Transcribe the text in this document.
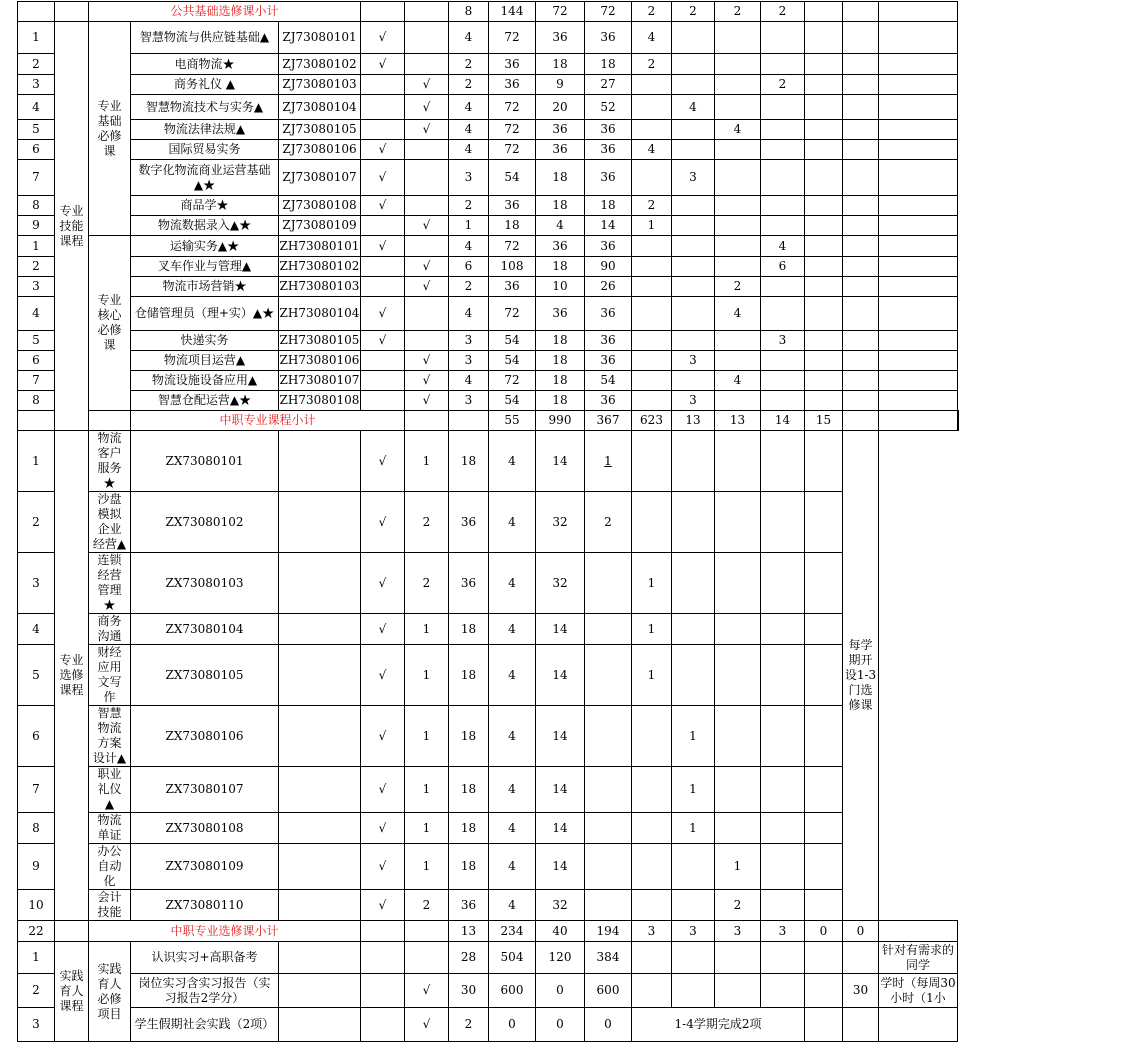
		公共基础选修课小计					8	144	72	72	2	2	2	2				
1	专业技能课程	专业基础必修课	智慧物流与供应链基础▲	ZJ73080101	√		4	72	36	36	4							
2			电商物流★	ZJ73080102	√		2	36	18	18	2							
3			商务礼仪 ▲	ZJ73080103		√	2	36	9	27				2				
4			智慧物流技术与实务▲	ZJ73080104		√	4	72	20	52		4						
5			物流法律法规▲	ZJ73080105		√	4	72	36	36			4					
6			国际贸易实务	ZJ73080106	√		4	72	36	36	4							
7			数字化物流商业运营基础▲★	ZJ73080107	√		3	54	18	36		3						
8			商品学★	ZJ73080108	√		2	36	18	18	2							
9			物流数据录入▲★	ZJ73080109		√	1	18	4	14	1							
1		专业核心必修课	运输实务▲★	ZH73080101	√		4	72	36	36				4				
2			叉车作业与管理▲	ZH73080102		√	6	108	18	90				6				
3			物流市场营销★	ZH73080103		√	2	36	10	26			2					
4			仓储管理员（理+实）▲★	ZH73080104	√		4	72	36	36			4					
5			快递实务	ZH73080105	√		3	54	18	36				3				
6			物流项目运营▲	ZH73080106		√	3	54	18	36		3						
7			物流设施设备应用▲	ZH73080107		√	4	72	18	54			4					
8			智慧仓配运营▲★	ZH73080108		√	3	54	18	36		3						
			中职专业课程小计					55	990	367	623	13	13	14	15			
1	专业选修课程	物流客户服务★	ZX73080101		√	1	18	4	14	1						每学期开设1-3门选修课		
2		沙盘模拟企业经营▲	ZX73080102		√	2	36	4	32	2								
3		连锁经营管理★	ZX73080103		√	2	36	4	32		1							
4		商务沟通	ZX73080104		√	1	18	4	14		1							
5		财经应用文写作	ZX73080105		√	1	18	4	14		1							
6		智慧物流方案设计▲	ZX73080106		√	1	18	4	14			1						
7		职业礼仪 ▲	ZX73080107		√	1	18	4	14			1						
8		物流单证	ZX73080108		√	1	18	4	14			1						
9		办公自动化	ZX73080109		√	1	18	4	14				1					
10		会计技能	ZX73080110		√	2	36	4	32				2					
22		中职专业选修课小计					13	234	40	194	3	3	3	3	0	0		
1	实践育人课程	实践育人必修项目	认识实习+高职备考				28	504	120	384							针对有需求的同学	
2			岗位实习含实习报告（实习报告2学分）			√	30	600	0	600						30	学时（每周30小时（1小	
3			学生假期社会实践（2项）			√	2	0	0	0	1-4学期完成2项							
